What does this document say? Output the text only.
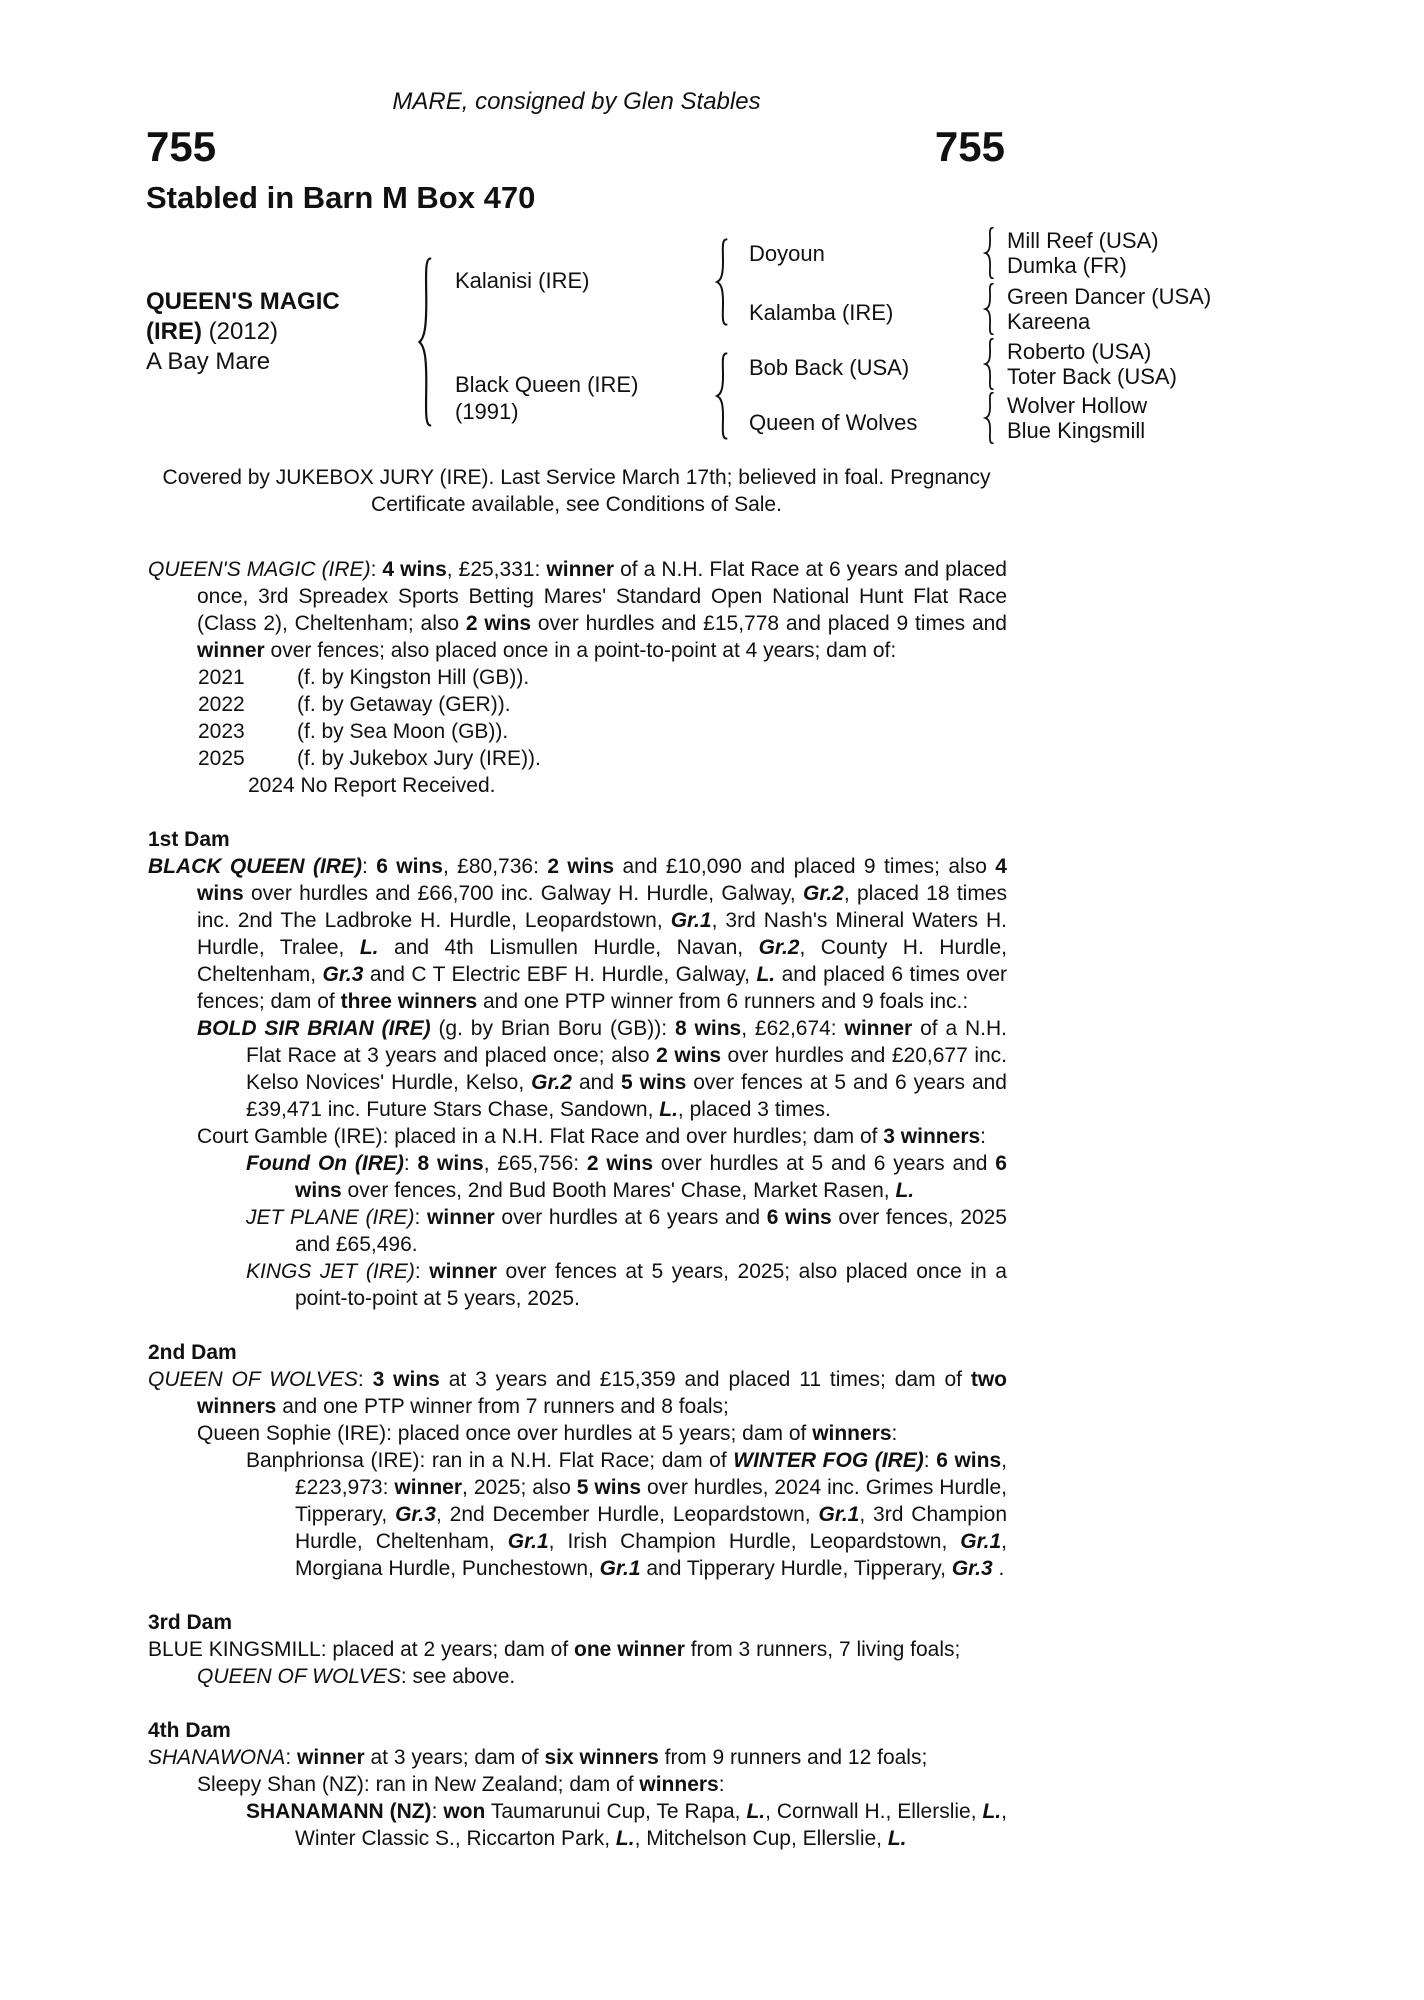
MARE, consigned by Glen Stables
755	755
Stabled in Barn M Box 470
QUEEN'S MAGIC
(IRE) (2012)
A Bay Mare
Kalanisi (IRE)
Black Queen (IRE)
(1991)
Doyoun
Kalamba (IRE)
Bob Back (USA)
Queen of Wolves
Mill Reef (USA)
Dumka (FR)
Green Dancer (USA)
Kareena
Roberto (USA)
Toter Back (USA)
Wolver Hollow
Blue Kingsmill
Covered by JUKEBOX JURY (IRE). Last Service March 17th; believed in foal. Pregnancy
Certificate available, see Conditions of Sale.

QUEEN'S MAGIC (IRE): 4 wins, £25,331: winner of a N.H. Flat Race at 6 years and placed once, 3rd Spreadex Sports Betting Mares' Standard Open National Hunt Flat Race (Class 2), Cheltenham; also 2 wins over hurdles and £15,778 and placed 9 times and winner over fences; also placed once in a point-to-point at 4 years; dam of:

2021 (f. by Kingston Hill (GB)).
2022 (f. by Getaway (GER)).
2023 (f. by Sea Moon (GB)).
2025 (f. by Jukebox Jury (IRE)).
2024 No Report Received.
1st Dam

BLACK QUEEN (IRE): 6 wins, £80,736: 2 wins and £10,090 and placed 9 times; also 4 wins over hurdles and £66,700 inc. Galway H. Hurdle, Galway, Gr.2, placed 18 times inc. 2nd The Ladbroke H. Hurdle, Leopardstown, Gr.1, 3rd Nash's Mineral Waters H. Hurdle, Tralee, L. and 4th Lismullen Hurdle, Navan, Gr.2, County H. Hurdle, Cheltenham, Gr.3 and C T Electric EBF H. Hurdle, Galway, L. and placed 6 times over fences; dam of three winners and one PTP winner from 6 runners and 9 foals inc.:

BOLD SIR BRIAN (IRE) (g. by Brian Boru (GB)): 8 wins, £62,674: winner of a N.H. Flat Race at 3 years and placed once; also 2 wins over hurdles and £20,677 inc. Kelso Novices' Hurdle, Kelso, Gr.2 and 5 wins over fences at 5 and 6 years and £39,471 inc. Future Stars Chase, Sandown, L., placed 3 times.

Court Gamble (IRE): placed in a N.H. Flat Race and over hurdles; dam of 3 winners:

Found On (IRE): 8 wins, £65,756: 2 wins over hurdles at 5 and 6 years and 6 wins over fences, 2nd Bud Booth Mares' Chase, Market Rasen, L.

JET PLANE (IRE): winner over hurdles at 6 years and 6 wins over fences, 2025 and £65,496.

KINGS JET (IRE): winner over fences at 5 years, 2025; also placed once in a point-to-point at 5 years, 2025.

2nd Dam

QUEEN OF WOLVES: 3 wins at 3 years and £15,359 and placed 11 times; dam of two winners and one PTP winner from 7 runners and 8 foals;

Queen Sophie (IRE): placed once over hurdles at 5 years; dam of winners:

Banphrionsa (IRE): ran in a N.H. Flat Race; dam of WINTER FOG (IRE): 6 wins, £223,973: winner, 2025; also 5 wins over hurdles, 2024 inc. Grimes Hurdle, Tipperary, Gr.3, 2nd December Hurdle, Leopardstown, Gr.1, 3rd Champion Hurdle, Cheltenham, Gr.1, Irish Champion Hurdle, Leopardstown, Gr.1, Morgiana Hurdle, Punchestown, Gr.1 and Tipperary Hurdle, Tipperary, Gr.3 .

3rd Dam

BLUE KINGSMILL: placed at 2 years; dam of one winner from 3 runners, 7 living foals;

QUEEN OF WOLVES: see above.

4th Dam

SHANAWONA: winner at 3 years; dam of six winners from 9 runners and 12 foals;

Sleepy Shan (NZ): ran in New Zealand; dam of winners:

SHANAMANN (NZ): won Taumarunui Cup, Te Rapa, L., Cornwall H., Ellerslie, L., Winter Classic S., Riccarton Park, L., Mitchelson Cup, Ellerslie, L.
